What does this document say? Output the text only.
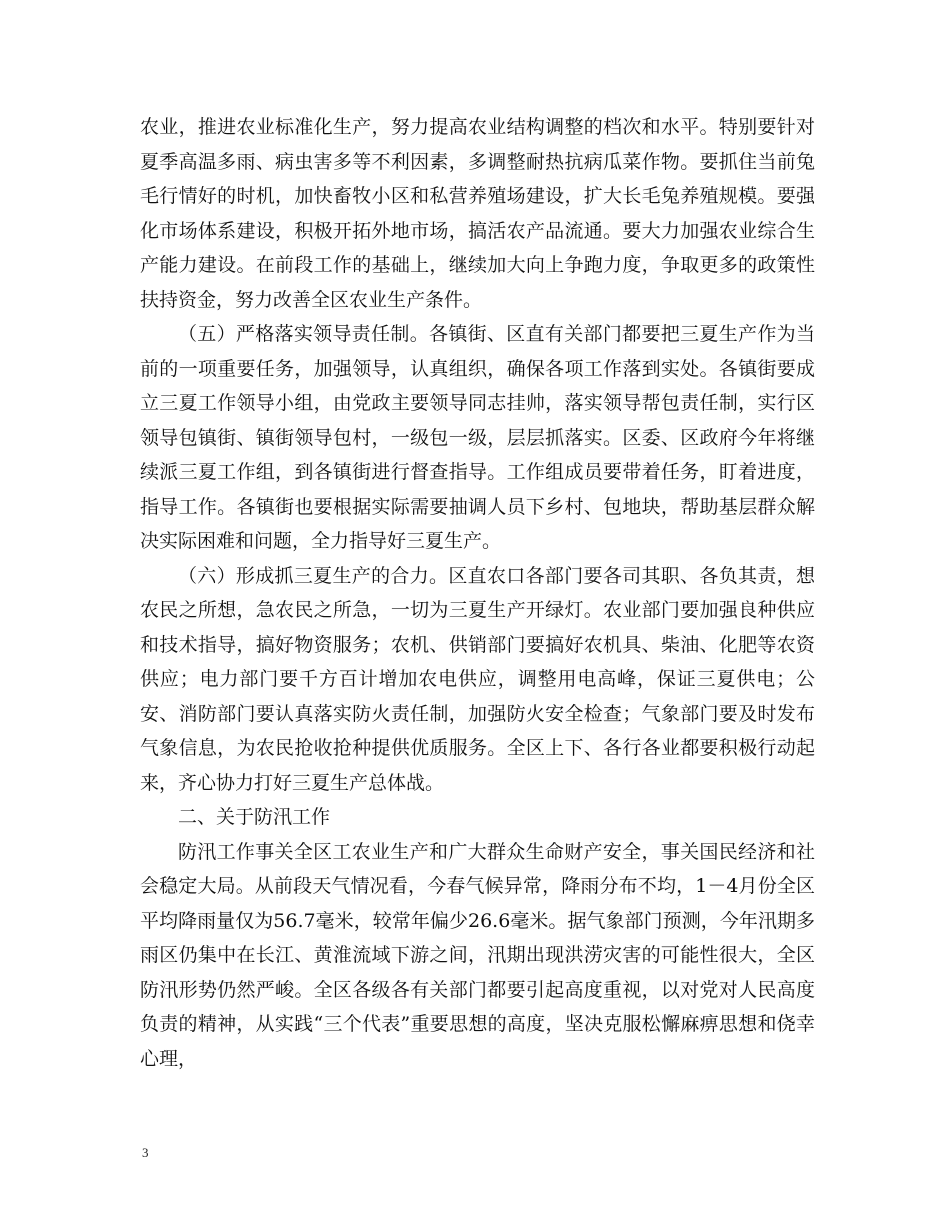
农业，推进农业标准化生产，努力提高农业结构调整的档次和水平。特别要针对夏季高温多雨、病虫害多等不利因素，多调整耐热抗病瓜菜作物。要抓住当前兔毛行情好的时机，加快畜牧小区和私营养殖场建设，扩大长毛兔养殖规模。要强化市场体系建设，积极开拓外地市场，搞活农产品流通。要大力加强农业综合生产能力建设。在前段工作的基础上，继续加大向上争跑力度，争取更多的政策性扶持资金，努力改善全区农业生产条件。

（五）严格落实领导责任制。各镇街、区直有关部门都要把三夏生产作为当前的一项重要任务，加强领导，认真组织，确保各项工作落到实处。各镇街要成立三夏工作领导小组，由党政主要领导同志挂帅，落实领导帮包责任制，实行区领导包镇街、镇街领导包村，一级包一级，层层抓落实。区委、区政府今年将继续派三夏工作组，到各镇街进行督查指导。工作组成员要带着任务，盯着进度，指导工作。各镇街也要根据实际需要抽调人员下乡村、包地块，帮助基层群众解决实际困难和问题，全力指导好三夏生产。

（六）形成抓三夏生产的合力。区直农口各部门要各司其职、各负其责，想农民之所想，急农民之所急，一切为三夏生产开绿灯。农业部门要加强良种供应和技术指导，搞好物资服务；农机、供销部门要搞好农机具、柴油、化肥等农资供应；电力部门要千方百计增加农电供应，调整用电高峰，保证三夏供电；公安、消防部门要认真落实防火责任制，加强防火安全检查；气象部门要及时发布气象信息，为农民抢收抢种提供优质服务。全区上下、各行各业都要积极行动起来，齐心协力打好三夏生产总体战。

二、关于防汛工作

防汛工作事关全区工农业生产和广大群众生命财产安全，事关国民经济和社会稳定大局。从前段天气情况看，今春气候异常，降雨分布不均，1－4月份全区平均降雨量仅为56.7毫米，较常年偏少26.6毫米。据气象部门预测，今年汛期多雨区仍集中在长江、黄淮流域下游之间，汛期出现洪涝灾害的可能性很大，全区防汛形势仍然严峻。全区各级各有关部门都要引起高度重视，以对党对人民高度负责的精神，从实践“三个代表”重要思想的高度，坚决克服松懈麻痹思想和侥幸心理，

3
